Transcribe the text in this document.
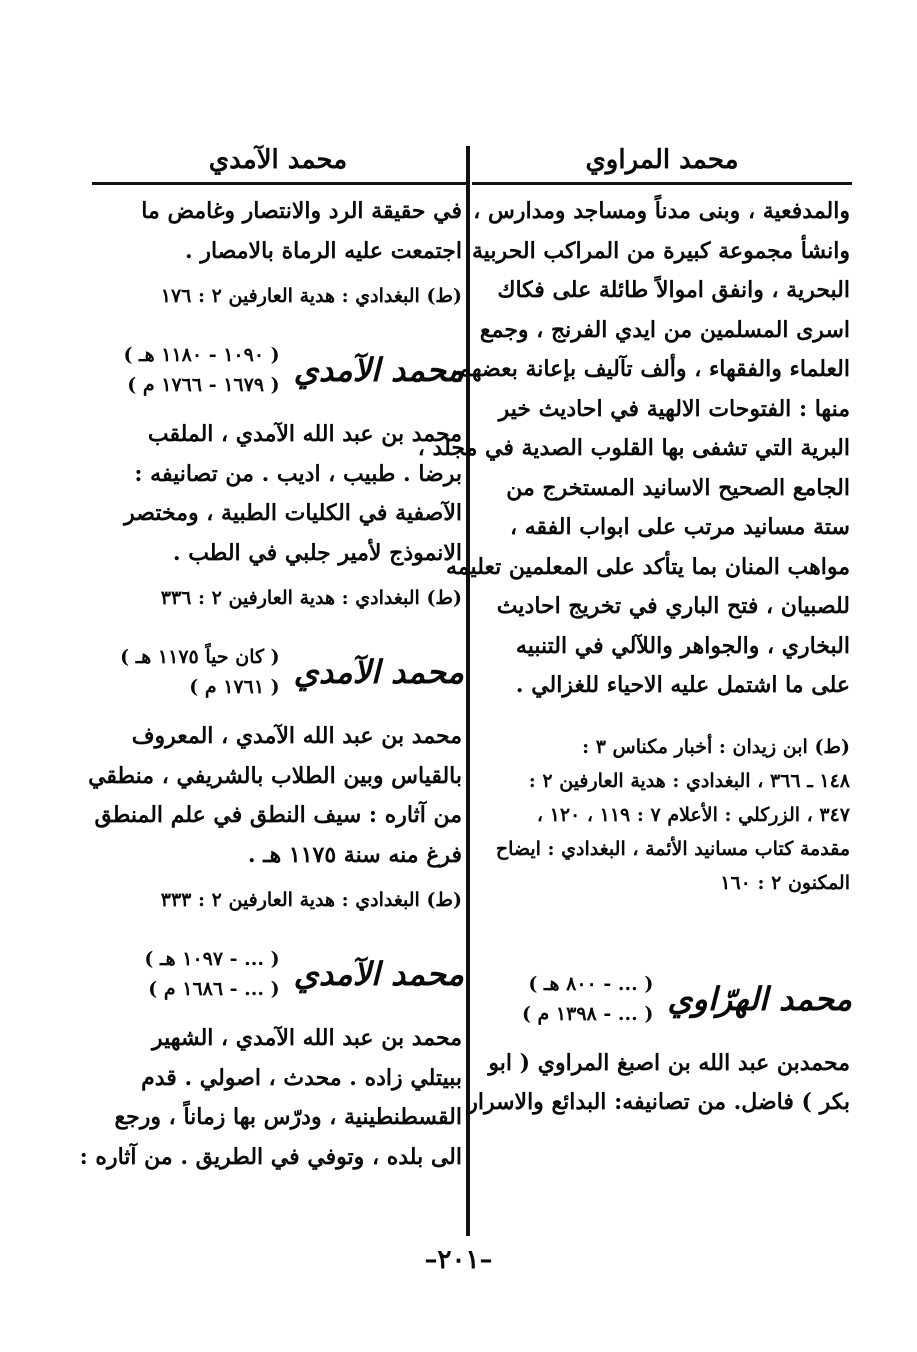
محمد المراوي
والمدفعية ، وبنى مدناً ومساجد ومدارس ،
وانشأ مجموعة كبيرة من المراكب الحربية
البحرية ، وانفق اموالاً طائلة على فكاك
اسرى المسلمين من ايدي الفرنج ، وجمع
العلماء والفقهاء ، وألف تآليف بإعانة بعضهم،
منها : الفتوحات الالهية في احاديث خير
البرية التي تشفى بها القلوب الصدية في مجلد ،
الجامع الصحيح الاسانيد المستخرج من
ستة مسانيد مرتب على ابواب الفقه ،
مواهب المنان بما يتأكد على المعلمين تعليمه
للصبيان ، فتح الباري في تخريج احاديث
البخاري ، والجواهر واللآلي في التنبيه
على ما اشتمل عليه الاحياء للغزالي .
(ط) ابن زيدان : أخبار مكناس ٣ :
١٤٨ ـ ٣٦٦ ، البغدادي : هدية العارفين ٢ :
٣٤٧ ، الزركلي : الأعلام ٧ : ١١٩ ، ١٢٠ ،
مقدمة كتاب مسانيد الأئمة ، البغدادي : ايضاح
المكنون ٢ : ١٦٠
محمد الهرّاوي
( ... - ٨٠٠ هـ )
( ... - ١٣٩٨ م )
محمدبن عبد الله بن اصبغ المراوي ( ابو
بكر ) فاضل. من تصانيفه: البدائع والاسرار
محمد الآمدي
في حقيقة الرد والانتصار وغامض ما
اجتمعت عليه الرماة بالامصار .
(ط) البغدادي : هدية العارفين ٢ : ١٧٦
محمد الآمدي
( ١٠٩٠ - ١١٨٠ هـ )
( ١٦٧٩ - ١٧٦٦ م )
محمد بن عبد الله الآمدي ، الملقب
برضا . طبيب ، اديب . من تصانيفه :
الآصفية في الكليات الطبية ، ومختصر
الانموذج لأمير جلبي في الطب .
(ط) البغدادي : هدية العارفين ٢ : ٣٣٦
محمد الآمدي
( كان حياً ١١٧٥ هـ )
( ١٧٦١ م )
محمد بن عبد الله الآمدي ، المعروف
بالقياس وبين الطلاب بالشريفي ، منطقي
من آثاره : سيف النطق في علم المنطق
فرغ منه سنة ١١٧٥ هـ .
(ط) البغدادي : هدية العارفين ٢ : ٣٣٣
محمد الآمدي
( ... - ١٠٩٧ هـ )
( ... - ١٦٨٦ م )
محمد بن عبد الله الآمدي ، الشهير
ببيتلي زاده . محدث ، اصولي . قدم
القسطنطينية ، ودرّس بها زماناً ، ورجع
الى بلده ، وتوفي في الطريق . من آثاره :
–٢٠١–
